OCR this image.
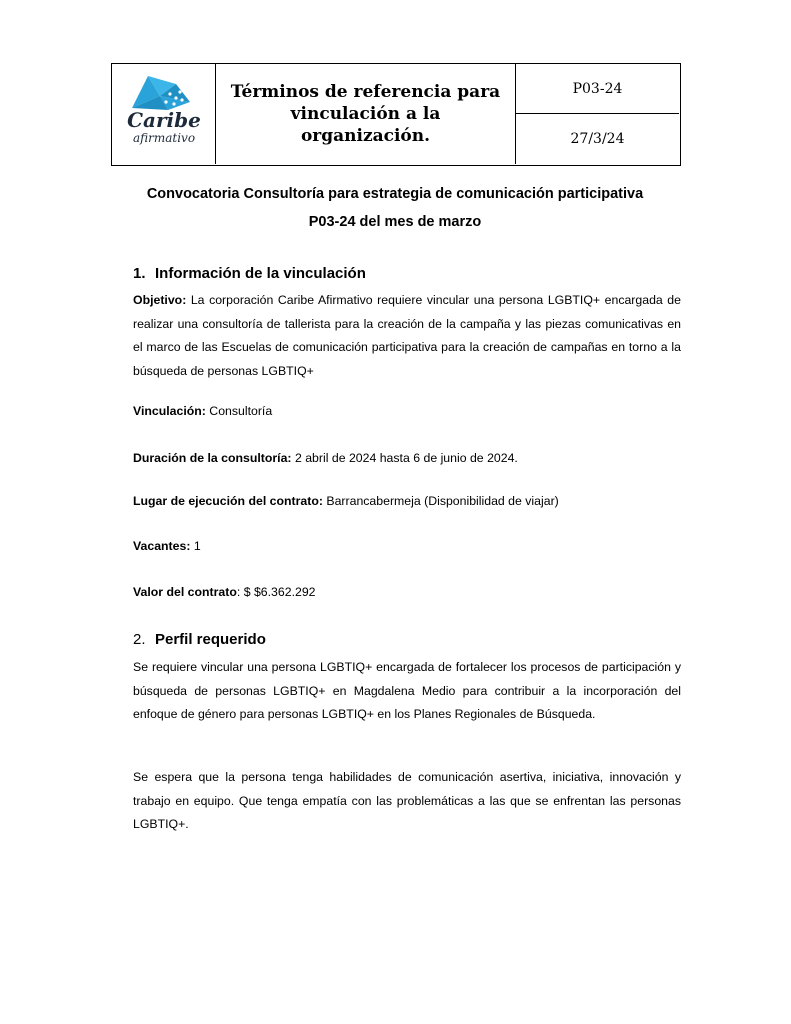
Caribe
afirmativo
Términos de referencia para
vinculación a la organización.
P03-24
27/3/24
Convocatoria Consultoría para estrategia de comunicación participativa
P03-24 del mes de marzo
1. Información de la vinculación
Objetivo: La corporación Caribe Afirmativo requiere vincular una persona LGBTIQ+ encargada de realizar una consultoría de tallerista para la creación de la campaña y las piezas comunicativas en el marco de las Escuelas de comunicación participativa para la creación de campañas en torno a la búsqueda de personas LGBTIQ+
Vinculación: Consultoría
Duración de la consultoría: 2 abril de 2024 hasta 6 de junio de 2024.
Lugar de ejecución del contrato: Barrancabermeja (Disponibilidad de viajar)
Vacantes: 1
Valor del contrato: $ $6.362.292
2. Perfil requerido
Se requiere vincular una persona LGBTIQ+ encargada de fortalecer los procesos de participación y búsqueda de personas LGBTIQ+ en Magdalena Medio para contribuir a la incorporación del enfoque de género para personas LGBTIQ+ en los Planes Regionales de Búsqueda.
Se espera que la persona tenga habilidades de comunicación asertiva, iniciativa, innovación y trabajo en equipo. Que tenga empatía con las problemáticas a las que se enfrentan las personas LGBTIQ+.
